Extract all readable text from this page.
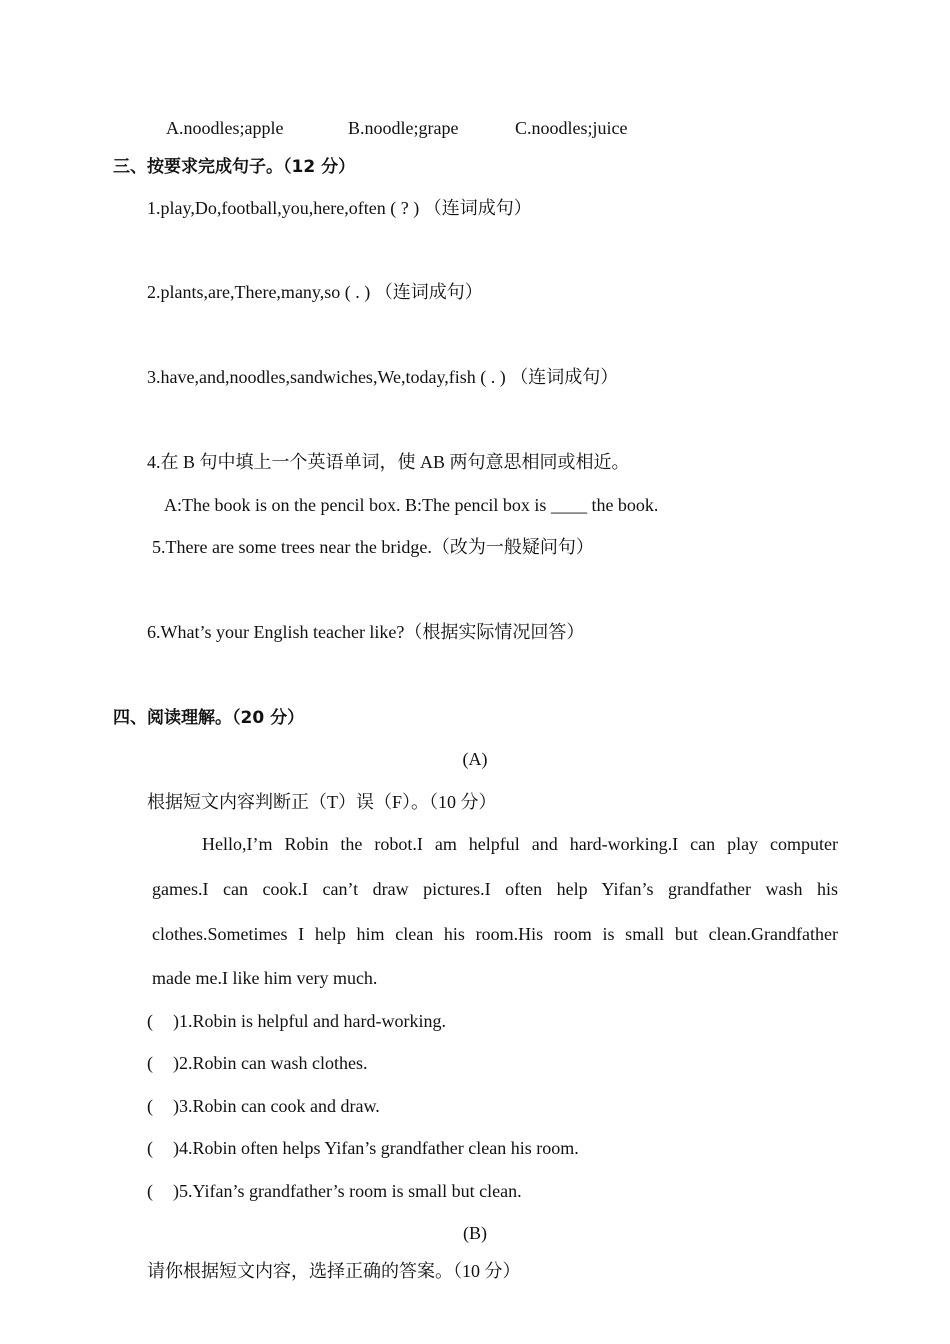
A.noodles;apple	B.noodle;grape	C.noodles;juice
三、按要求完成句子。（12 分）
1.play,Do,football,you,here,often ( ? ) （连词成句）
2.plants,are,There,many,so ( . ) （连词成句）
3.have,and,noodles,sandwiches,We,today,fish ( . ) （连词成句）
4.在 B 句中填上一个英语单词，使 AB 两句意思相同或相近。
A:The book is on the pencil box. B:The pencil box is ____ the book.
5.There are some trees near the bridge.（改为一般疑问句）
6.What’s your English teacher like?（根据实际情况回答）
四、阅读理解。（20 分）
(A)
根据短文内容判断正（T）误（F）。（10 分）
Hello,I’m Robin the robot.I am helpful and hard-working.I can play computer
games.I can cook.I can’t draw pictures.I often help Yifan’s grandfather wash his
clothes.Sometimes I help him clean his room.His room is small but clean.Grandfather
made me.I like him very much.
( )1.Robin is helpful and hard-working.
( )2.Robin can wash clothes.
( )3.Robin can cook and draw.
( )4.Robin often helps Yifan’s grandfather clean his room.
( )5.Yifan’s grandfather’s room is small but clean.
(B)
请你根据短文内容，选择正确的答案。（10 分）
